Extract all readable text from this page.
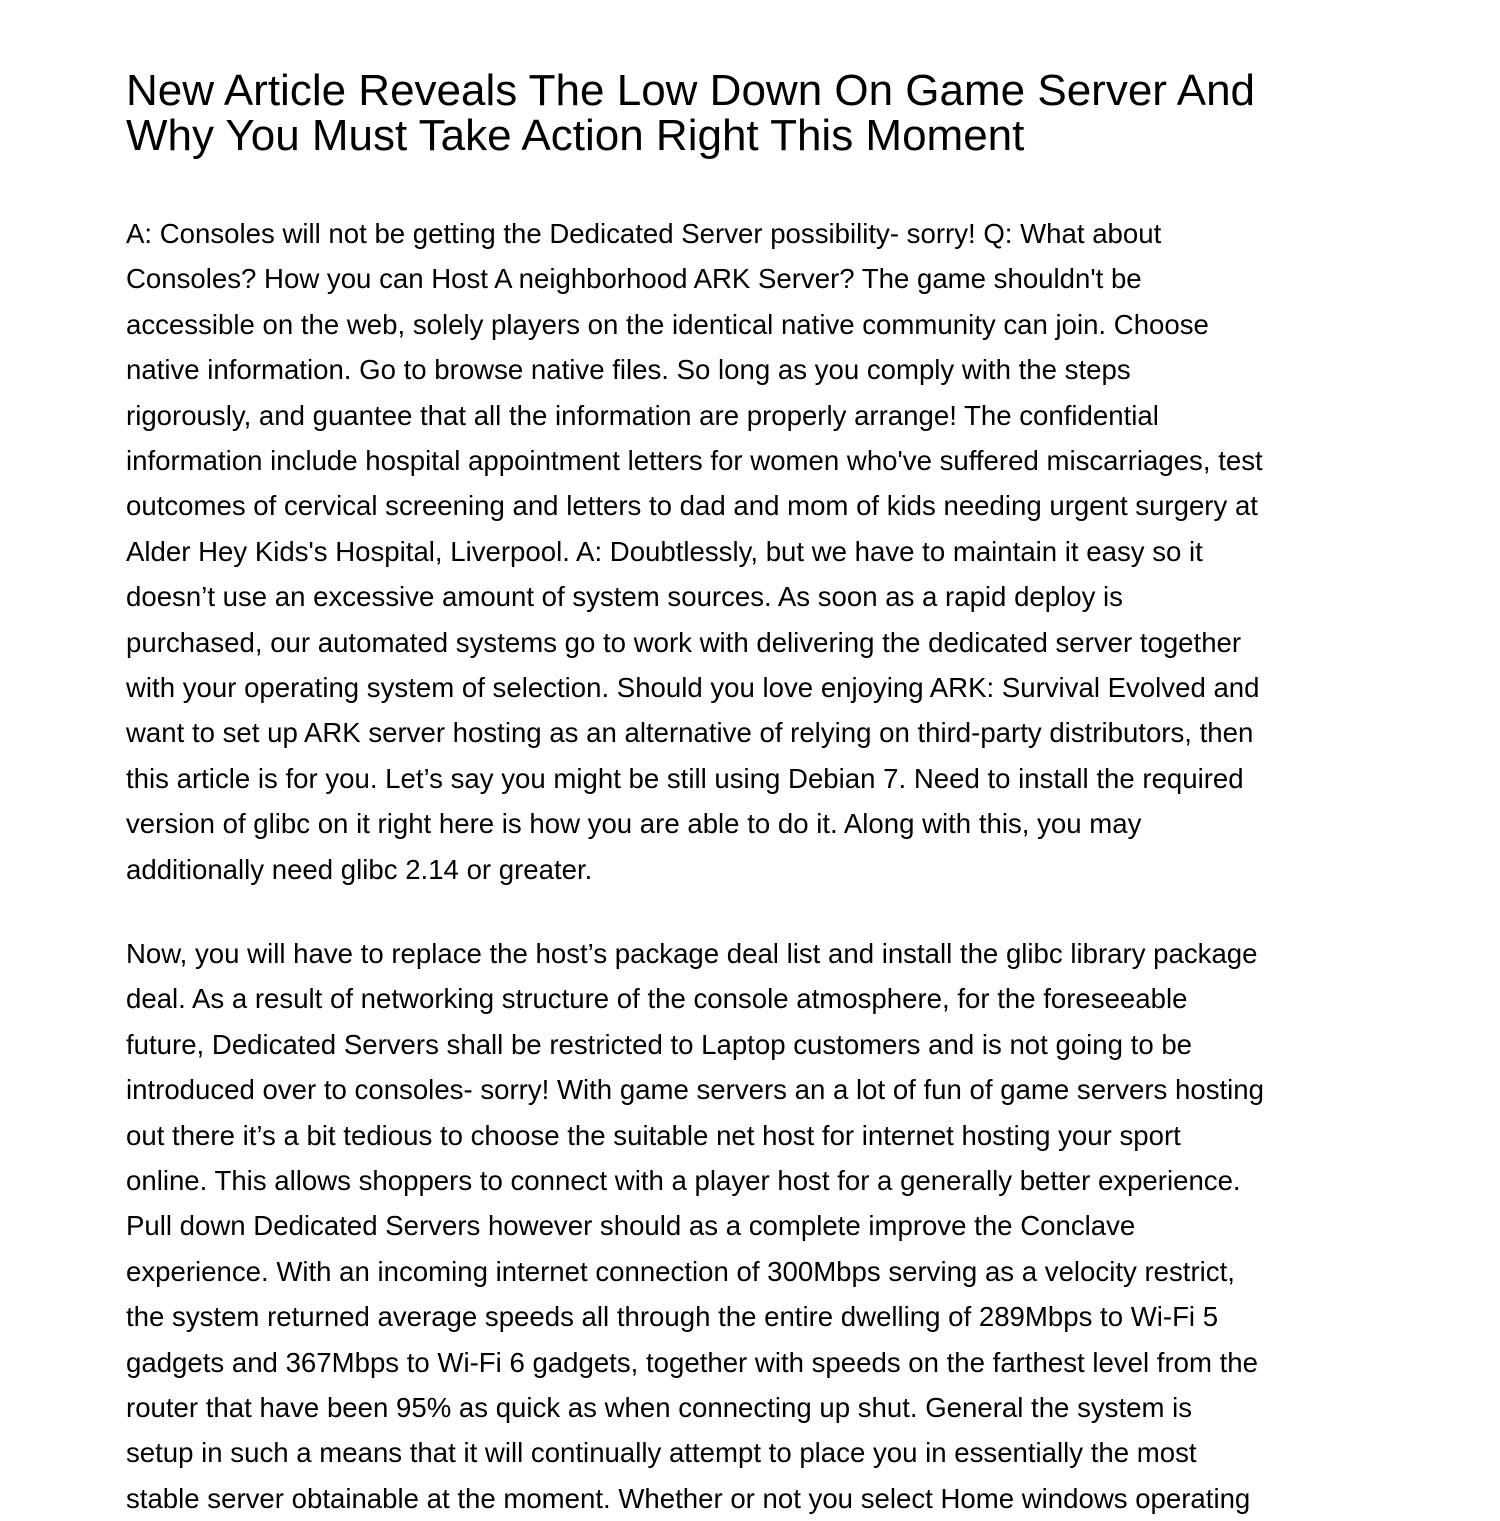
New Article Reveals The Low Down On Game Server And
Why You Must Take Action Right This Moment
A: Consoles will not be getting the Dedicated Server possibility- sorry! Q: What about
Consoles? How you can Host A neighborhood ARK Server? The game shouldn't be
accessible on the web, solely players on the identical native community can join. Choose
native information. Go to browse native files. So long as you comply with the steps
rigorously, and guantee that all the information are properly arrange! The confidential
information include hospital appointment letters for women who've suffered miscarriages, test
outcomes of cervical screening and letters to dad and mom of kids needing urgent surgery at
Alder Hey Kids's Hospital, Liverpool. A: Doubtlessly, but we have to maintain it easy so it
doesn’t use an excessive amount of system sources. As soon as a rapid deploy is
purchased, our automated systems go to work with delivering the dedicated server together
with your operating system of selection. Should you love enjoying ARK: Survival Evolved and
want to set up ARK server hosting as an alternative of relying on third-party distributors, then
this article is for you. Let’s say you might be still using Debian 7. Need to install the required
version of glibc on it right here is how you are able to do it. Along with this, you may
additionally need glibc 2.14 or greater.
Now, you will have to replace the host’s package deal list and install the glibc library package
deal. As a result of networking structure of the console atmosphere, for the foreseeable
future, Dedicated Servers shall be restricted to Laptop customers and is not going to be
introduced over to consoles- sorry! With game servers an a lot of fun of game servers hosting
out there it’s a bit tedious to choose the suitable net host for internet hosting your sport
online. This allows shoppers to connect with a player host for a generally better experience.
Pull down Dedicated Servers however should as a complete improve the Conclave
experience. With an incoming internet connection of 300Mbps serving as a velocity restrict,
the system returned average speeds all through the entire dwelling of 289Mbps to Wi-Fi 5
gadgets and 367Mbps to Wi-Fi 6 gadgets, together with speeds on the farthest level from the
router that have been 95% as quick as when connecting up shut. General the system is
setup in such a means that it will continually attempt to place you in essentially the most
stable server obtainable at the moment. Whether or not you select Home windows operating
